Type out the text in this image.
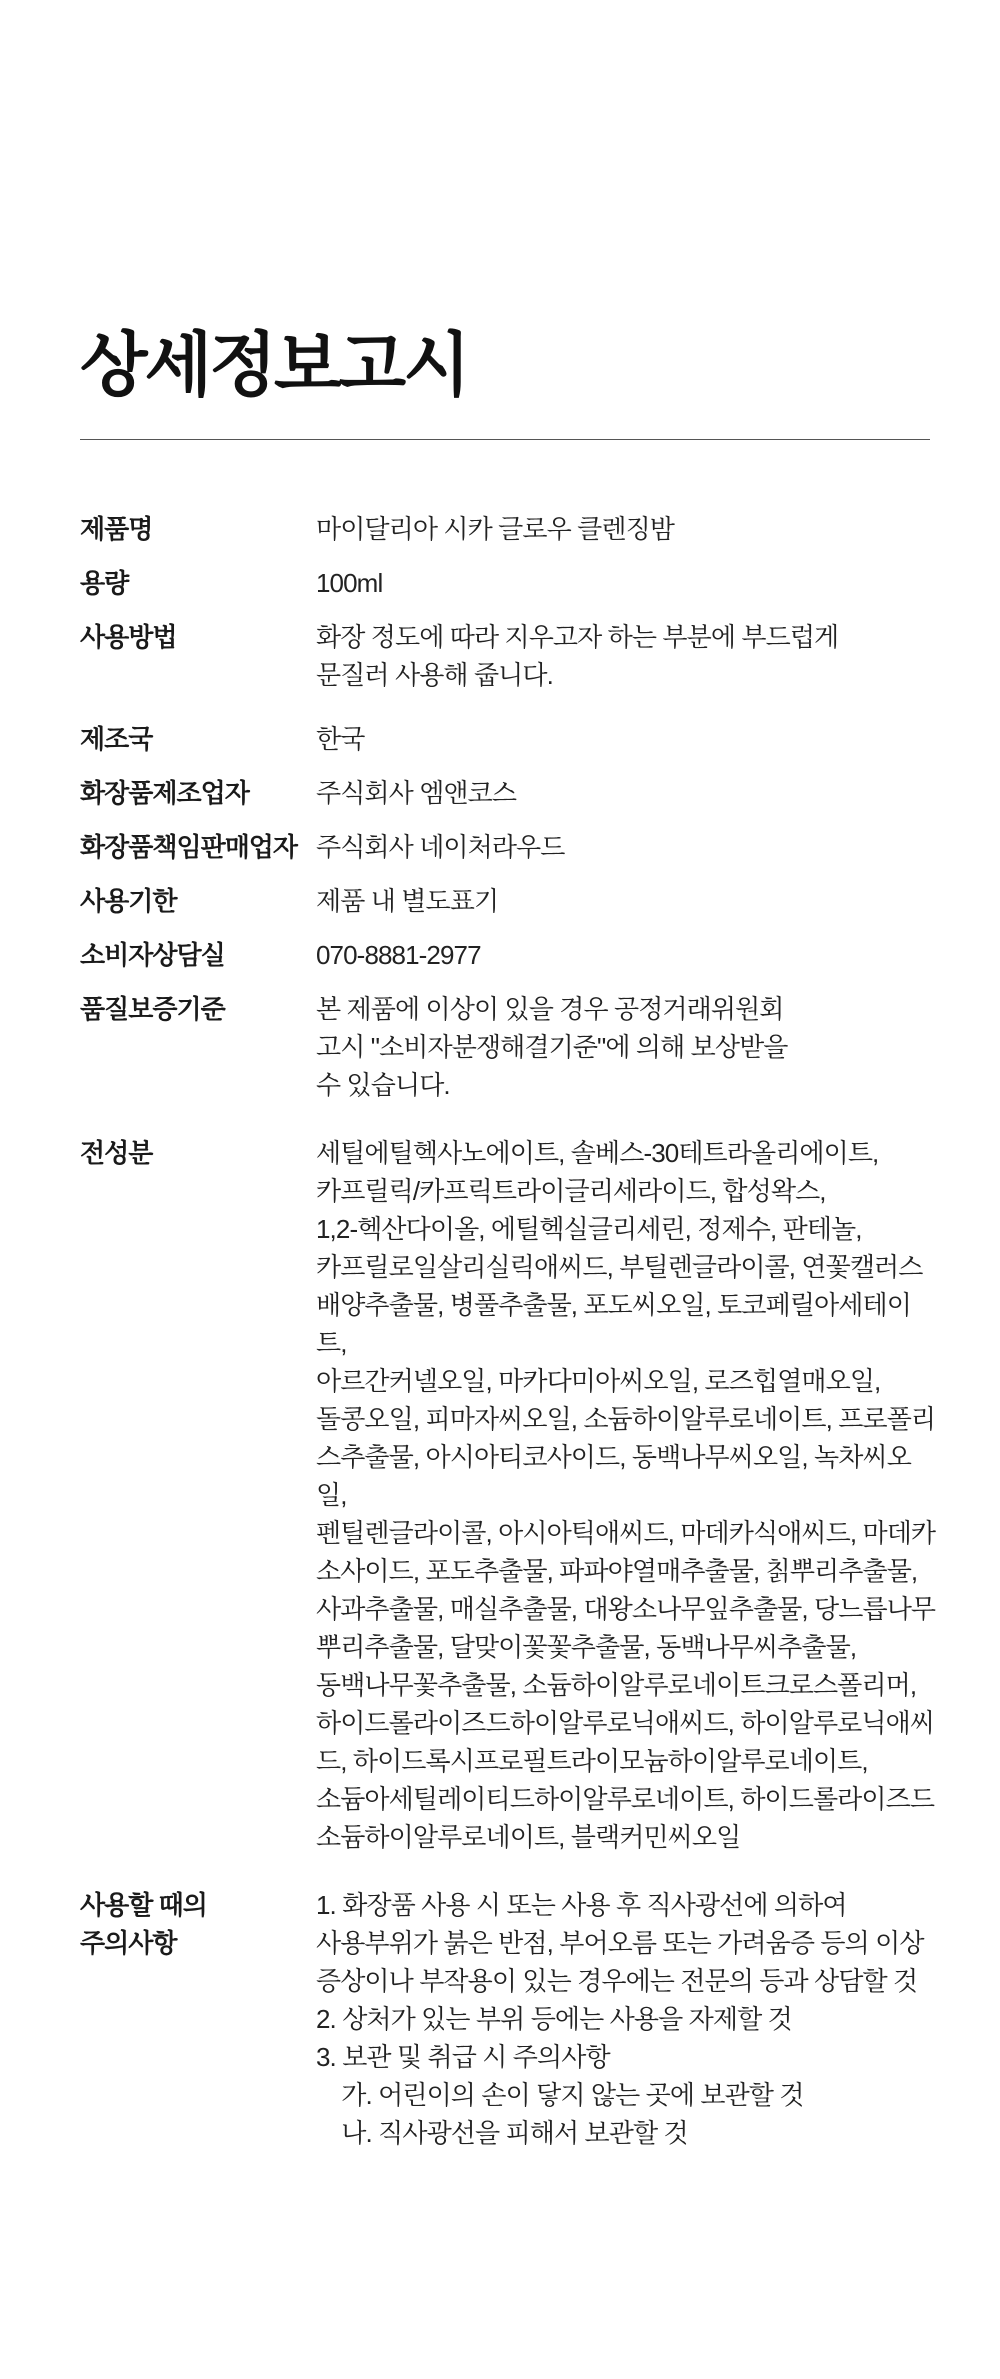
상세정보고시
제품명	마이달리아 시카 글로우 클렌징밤
용량	100ml
사용방법	화장 정도에 따라 지우고자 하는 부분에 부드럽게
문질러 사용해 줍니다.
제조국	한국
화장품제조업자	주식회사 엠앤코스
화장품책임판매업자 주식회사 네이처라우드
사용기한	제품 내 별도표기
소비자상담실	070-8881-2977
품질보증기준	본 제품에 이상이 있을 경우 공정거래위원회
고시 "소비자분쟁해결기준"에 의해 보상받을
수 있습니다.
전성분	세틸에틸헥사노에이트, 솔베스-30테트라올리에이트,
카프릴릭/카프릭트라이글리세라이드, 합성왁스,
1,2-헥산다이올, 에틸헥실글리세린, 정제수, 판테놀,
카프릴로일살리실릭애씨드, 부틸렌글라이콜, 연꽃캘러스
배양추출물, 병풀추출물, 포도씨오일, 토코페릴아세테이트,
아르간커넬오일, 마카다미아씨오일, 로즈힙열매오일,
돌콩오일, 피마자씨오일, 소듐하이알루로네이트, 프로폴리
스추출물, 아시아티코사이드, 동백나무씨오일, 녹차씨오일,
펜틸렌글라이콜, 아시아틱애씨드, 마데카식애씨드, 마데카
소사이드, 포도추출물, 파파야열매추출물, 칡뿌리추출물,
사과추출물, 매실추출물, 대왕소나무잎추출물, 당느릅나무
뿌리추출물, 달맞이꽃꽃추출물, 동백나무씨추출물,
동백나무꽃추출물, 소듐하이알루로네이트크로스폴리머,
하이드롤라이즈드하이알루로닉애씨드, 하이알루로닉애씨
드, 하이드록시프로필트라이모늄하이알루로네이트,
소듐아세틸레이티드하이알루로네이트, 하이드롤라이즈드
소듐하이알루로네이트, 블랙커민씨오일
사용할 때의
주의사항
1. 화장품 사용 시 또는 사용 후 직사광선에 의하여
사용부위가 붉은 반점, 부어오름 또는 가려움증 등의 이상
증상이나 부작용이 있는 경우에는 전문의 등과 상담할 것
2. 상처가 있는 부위 등에는 사용을 자제할 것
3. 보관 및 취급 시 주의사항
가. 어린이의 손이 닿지 않는 곳에 보관할 것
나. 직사광선을 피해서 보관할 것
